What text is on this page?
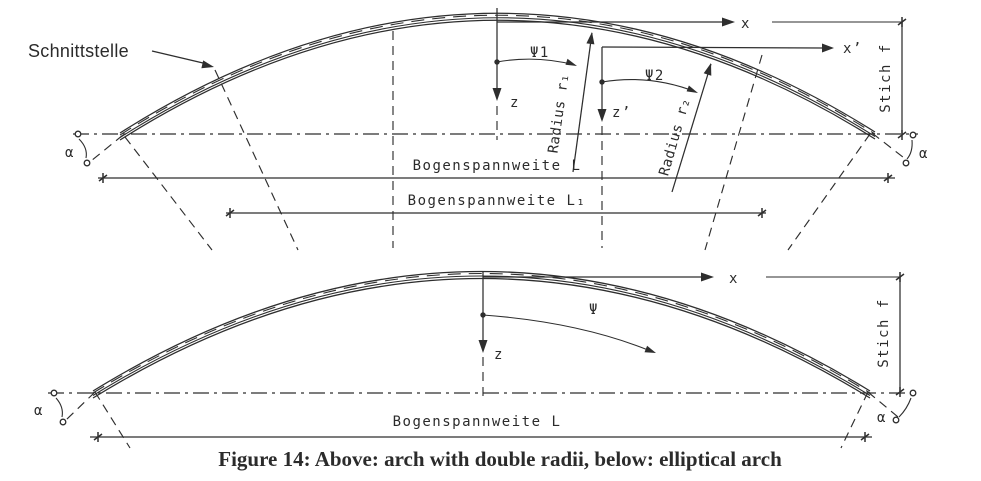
Schnittstelle
α	α
x
z
Ψ1
Radius r₁
x’
z’
Ψ2
Radius r₂
Stich f
Bogenspannweite L
Bogenspannweite L₁
α	α
x
z
Ψ	Stich f
Bogenspannweite L
Figure 14: Above: arch with double radii, below: elliptical arch
